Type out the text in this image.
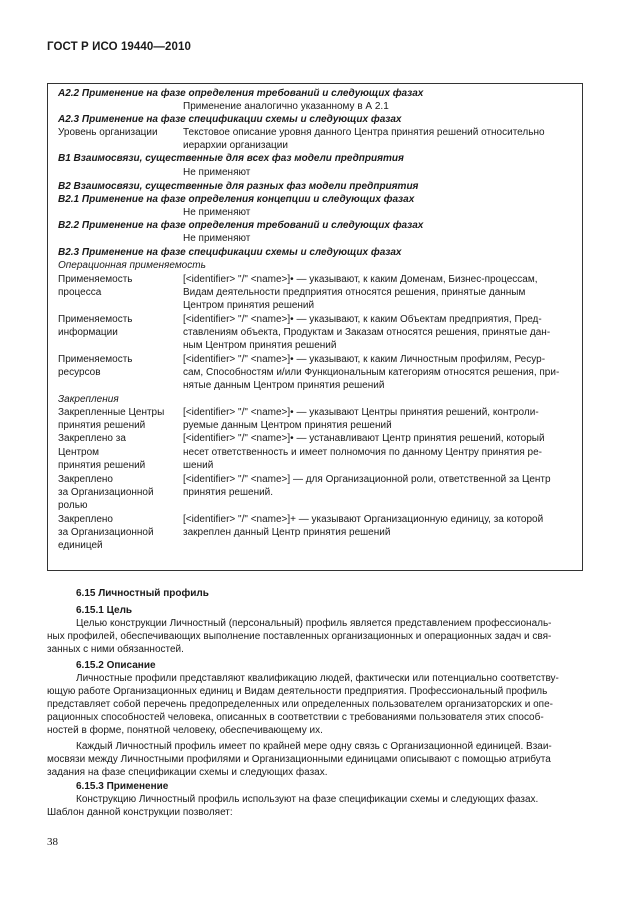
ГОСТ Р ИСО 19440—2010
А2.2 Применение на фазе определения требований и следующих фазах
Применение аналогично указанному в А 2.1
А2.3 Применение на фазе спецификации схемы и следующих фазах
Уровень организации	Текстовое описание уровня данного Центра принятия решений относительно
иерархии организации
В1 Взаимосвязи, существенные для всех фаз модели предприятия
Не применяют
В2 Взаимосвязи, существенные для разных фаз модели предприятия
В2.1 Применение на фазе определения концепции и следующих фазах
Не применяют
В2.2 Применение на фазе определения требований и следующих фазах
Не применяют
В2.3 Применение на фазе спецификации схемы и следующих фазах
Операционная применяемость
Применяемость	[<identifier> "/" <name>]• — указывают, к каким Доменам, Бизнес-процессам,
процесса	Видам деятельности предприятия относятся решения, принятые данным
Центром принятия решений
Применяемость	[<identifier> "/" <name>]• — указывают, к каким Объектам предприятия, Пред-
информации	ставлениям объекта, Продуктам и Заказам относятся решения, принятые дан-
ным Центром принятия решений
Применяемость	[<identifier> "/" <name>]• — указывают, к каким Личностным профилям, Ресур-
ресурсов	сам, Способностям и/или Функциональным категориям относятся решения, при-
нятые данным Центром принятия решений
Закрепления
Закрепленные Центры [<identifier> "/" <name>]• — указывают Центры принятия решений, контроли-
принятия решений	руемые данным Центром принятия решений
Закреплено за	[<identifier> "/" <name>]• — устанавливают Центр принятия решений, который
Центром	несет ответственность и имеет полномочия по данному Центру принятия ре-
принятия решений	шений
Закреплено	[<identifier> "/" <name>] — для Организационной роли, ответственной за Центр
за Организационной	принятия решений.
ролью
Закреплено	[<identifier> "/" <name>]+ — указывают Организационную единицу, за которой
за Организационной	закреплен данный Центр принятия решений
единицей
6.15 Личностный профиль
6.15.1 Цель
Целью конструкции Личностный (персональный) профиль является представлением профессиональ-
ных профилей, обеспечивающих выполнение поставленных организационных и операционных задач и свя-
занных с ними обязанностей.
6.15.2 Описание
Личностные профили представляют квалификацию людей, фактически или потенциально соответству-
ющую работе Организационных единиц и Видам деятельности предприятия. Профессиональный профиль
представляет собой перечень предопределенных или определенных пользователем организаторских и опе-
рационных способностей человека, описанных в соответствии с требованиями пользователя этих способ-
ностей в форме, понятной человеку, обеспечивающему их.
Каждый Личностный профиль имеет по крайней мере одну связь с Организационной единицей. Взаи-
мосвязи между Личностными профилями и Организационными единицами описывают с помощью атрибута
задания на фазе спецификации схемы и следующих фазах.
6.15.3 Применение
Конструкцию Личностный профиль используют на фазе спецификации схемы и следующих фазах.
Шаблон данной конструкции позволяет:
38
